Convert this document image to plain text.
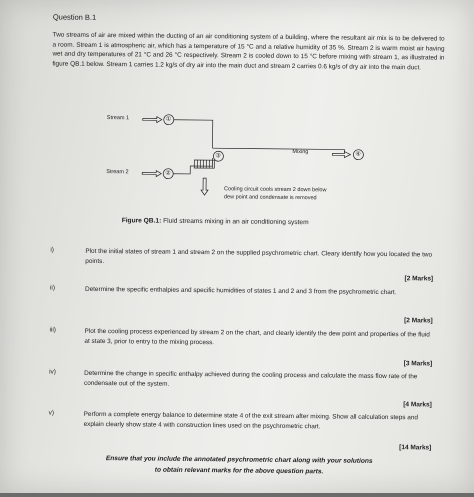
Question B.1
Two streams of air are mixed within the ducting of an air conditioning system of a building, where the resultant air mix is to be delivered to a room. Stream 1 is atmospheric air, which has a temperature of 15 °C and a relative humidity of 35 %. Stream 2 is warm moist air having wet and dry temperatures of 21 °C and 26 °C respectively. Stream 2 is cooled down to 15 °C before mixing with stream 1, as illustrated in figure QB.1 below. Stream 1 carries 1.2 kg/s of dry air into the main duct and stream 2 carries 0.6 kg/s of dry air into the main duct.
Stream 1	①
③
Mixing	④
Stream 2	②
Cooling circuit cools stream 2 down below
dew point and condensate is removed
Figure QB.1: Fluid streams mixing in an air conditioning system
i)	Plot the initial states of stream 1 and stream 2 on the supplied psychrometric chart. Cleary identify how you located the two points.
[2 Marks]
ii)	Determine the specific enthalpies and specific humidities of states 1 and 2 and 3 from the psychrometric chart.
[2 Marks]
iii)	Plot the cooling process experienced by stream 2 on the chart, and clearly identify the dew point and properties of the fluid at state 3, prior to entry to the mixing process.
[3 Marks]
iv)	Determine the change in specific enthalpy achieved during the cooling process and calculate the mass flow rate of the condensate out of the system.
[4 Marks]
v)	Perform a complete energy balance to determine state 4 of the exit stream after mixing. Show all calculation steps and explain clearly show state 4 with construction lines used on the psychrometric chart.
[14 Marks]
Ensure that you include the annotated psychrometric chart along with your solutions
to obtain relevant marks for the above question parts.
